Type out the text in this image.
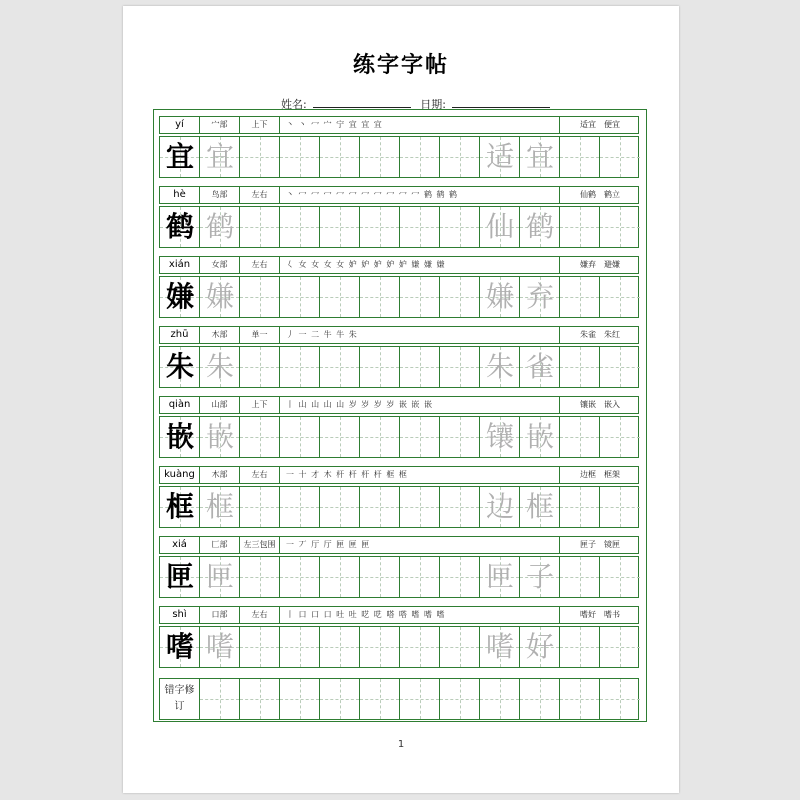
练字字帖
姓名:	日期:
yí	宀部	上下	丶 丶 冖 宀 宁 宜 宜 宜	适宜　便宜
宜 宜	适 宜
hè	鸟部	左右	丶 冖 冖 冖 冖 冖 冖 冖 冖 冖 冖 鹤 鹤 鹤	仙鹤　鹤立
鹤 鹤	仙 鹤
xián	女部	左右	𡿨 女 女 女 女 妒 妒 妒 妒 妒 嫌 嫌 嫌	嫌弃　避嫌
嫌 嫌	嫌 弃
zhū	木部	单一	丿 一 二 牛 牛 朱	朱雀　朱红
朱 朱	朱 雀
qiàn	山部	上下	丨 山 山 山 山 岁 岁 岁 岁 嵌 嵌 嵌	镶嵌　嵌入
嵌 嵌	镶 嵌
kuàng	木部	左右	一 十 才 木 杆 杆 杆 杆 框 框	边框　框架
框 框	边 框
xiá	匚部	左三包围	一 丆 厅 厅 匣 匣 匣	匣子　镜匣
匣 匣	匣 子
shì	口部	左右	丨 口 口 口 吐 吐 呓 呓 嗒 嗒 嗜 嗜 嗜	嗜好　嗜书
嗜 嗜	嗜 好
错字修订
1
